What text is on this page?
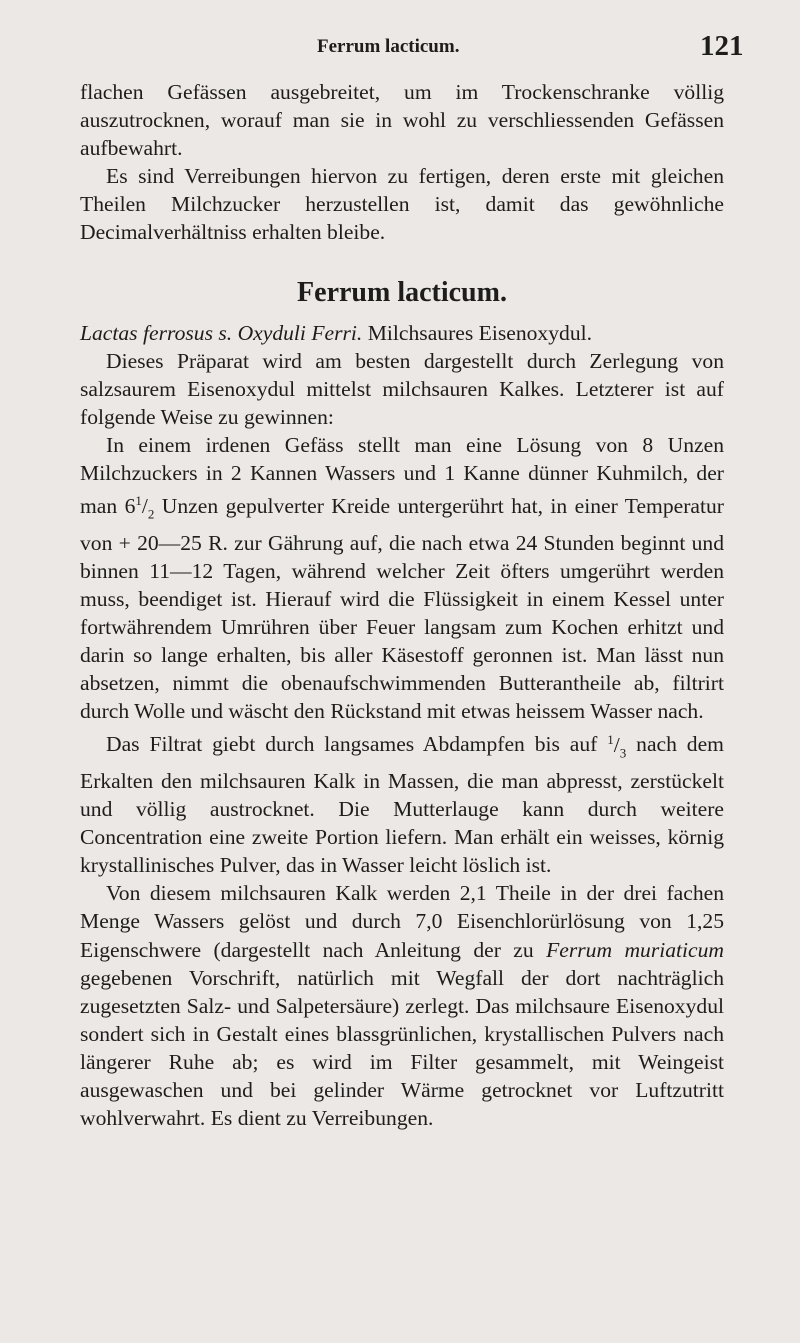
Ferrum lacticum.	121

flachen Gefässen ausgebreitet, um im Trockenschranke völlig auszutrocknen, worauf man sie in wohl zu verschliessenden Gefässen aufbewahrt.

Es sind Verreibungen hiervon zu fertigen, deren erste mit gleichen Theilen Milchzucker herzustellen ist, damit das gewöhnliche Decimalverhältniss erhalten bleibe.

Ferrum lacticum.

Lactas ferrosus s. Oxyduli Ferri. Milchsaures Eisenoxydul.

Dieses Präparat wird am besten dargestellt durch Zerlegung von salzsaurem Eisenoxydul mittelst milchsauren Kalkes. Letzterer ist auf folgende Weise zu gewinnen:

In einem irdenen Gefäss stellt man eine Lösung von 8 Unzen Milchzuckers in 2 Kannen Wassers und 1 Kanne dünner Kuhmilch, der man $6^1/_2$ Unzen gepulverter Kreide untergerührt hat, in einer Temperatur von + 20—25 R. zur Gährung auf, die nach etwa 24 Stunden beginnt und binnen 11—12 Tagen, während welcher Zeit öfters umgerührt werden muss, beendiget ist. Hierauf wird die Flüssigkeit in einem Kessel unter fortwährendem Umrühren über Feuer langsam zum Kochen erhitzt und darin so lange erhalten, bis aller Käsestoff geronnen ist. Man lässt nun absetzen, nimmt die obenaufschwimmenden Butterantheile ab, filtrirt durch Wolle und wäscht den Rückstand mit etwas heissem Wasser nach.

Das Filtrat giebt durch langsames Abdampfen bis auf $^1/_3$ nach dem Erkalten den milchsauren Kalk in Massen, die man abpresst, zerstückelt und völlig austrocknet. Die Mutterlauge kann durch weitere Concentration eine zweite Portion liefern. Man erhält ein weisses, körnig krystallinisches Pulver, das in Wasser leicht löslich ist.

Von diesem milchsauren Kalk werden 2,1 Theile in der drei fachen Menge Wassers gelöst und durch 7,0 Eisenchlorürlösung von 1,25 Eigenschwere (dargestellt nach Anleitung der zu Ferrum muriaticum gegebenen Vorschrift, natürlich mit Wegfall der dort nachträglich zugesetzten Salz- und Salpetersäure) zerlegt. Das milchsaure Eisenoxydul sondert sich in Gestalt eines blassgrünlichen, krystallischen Pulvers nach längerer Ruhe ab; es wird im Filter gesammelt, mit Weingeist ausgewaschen und bei gelinder Wärme getrocknet vor Luftzutritt wohlverwahrt. Es dient zu Verreibungen.
